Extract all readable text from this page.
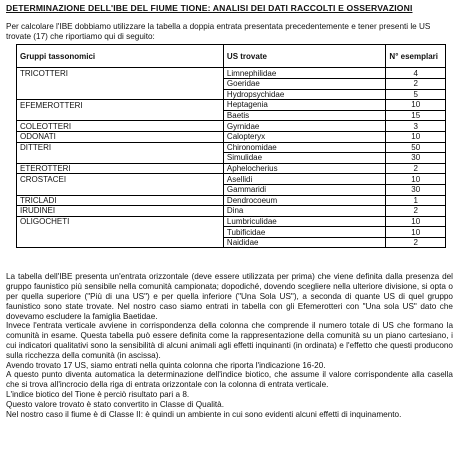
DETERMINAZIONE DELL'IBE DEL FIUME TIONE: ANALISI DEI DATI RACCOLTI E OSSERVAZIONI
Per calcolare l'IBE dobbiamo utilizzare la tabella a doppia entrata presentata precedentemente e tener presenti le US trovate (17) che riportiamo qui di seguito:
Gruppi tassonomici	US trovate	N° esemplari
TRICOTTERI	Limnephilidae	4
	Goeridae	2
	Hydropsychidae	5
EFEMEROTTERI	Heptagenia	10
	Baetis	15
COLEOTTERI	Gyrnidae	3
ODONATI	Calopteryx	10
DITTERI	Chironomidae	50
	Simulidae	30
ETEROTTERI	Aphelocherius	2
CROSTACEI	Asellidi	10
	Gammaridi	30
TRICLADI	Dendrocoeum	1
IRUDINEI	Dina	2
OLIGOCHETI	Lumbriculidae	10
	Tubificidae	10
	Naididae	2

La tabella dell'IBE presenta un'entrata orizzontale (deve essere utilizzata per prima) che viene definita dalla presenza del gruppo faunistico più sensibile nella comunità campionata; dopodiché, dovendo scegliere nella ulteriore divisione, si opta o per quella superiore ("Più di una US") e per quella inferiore ("Una Sola US"), a seconda di quante US di quel gruppo faunistico sono state trovate. Nel nostro caso siamo entrati in tabella con gli Efemerotteri con "Una sola US" dato che dovevamo escludere la famiglia Baetidae.

Invece l'entrata verticale avviene in corrispondenza della colonna che comprende il numero totale di US che formano la comunità in esame. Questa tabella può essere definita come la rappresentazione della comunità su un piano cartesiano, i cui indicatori qualitativi sono la sensibilità di alcuni animali agli effetti inquinanti (in ordinata) e l'effetto che questi producono sulla ricchezza della comunità (in ascissa).

Avendo trovato 17 US, siamo entrati nella quinta colonna che riporta l'indicazione 16-20.

A questo punto diventa automatica la determinazione dell'indice biotico, che assume il valore corrispondente alla casella che si trova all'incrocio della riga di entrata orizzontale con la colonna di entrata verticale.

L'indice biotico del Tione è perciò risultato pari a 8.

Questo valore trovato è stato convertito in Classe di Qualità.

Nel nostro caso il fiume è di Classe II: è quindi un ambiente in cui sono evidenti alcuni effetti di inquinamento.
